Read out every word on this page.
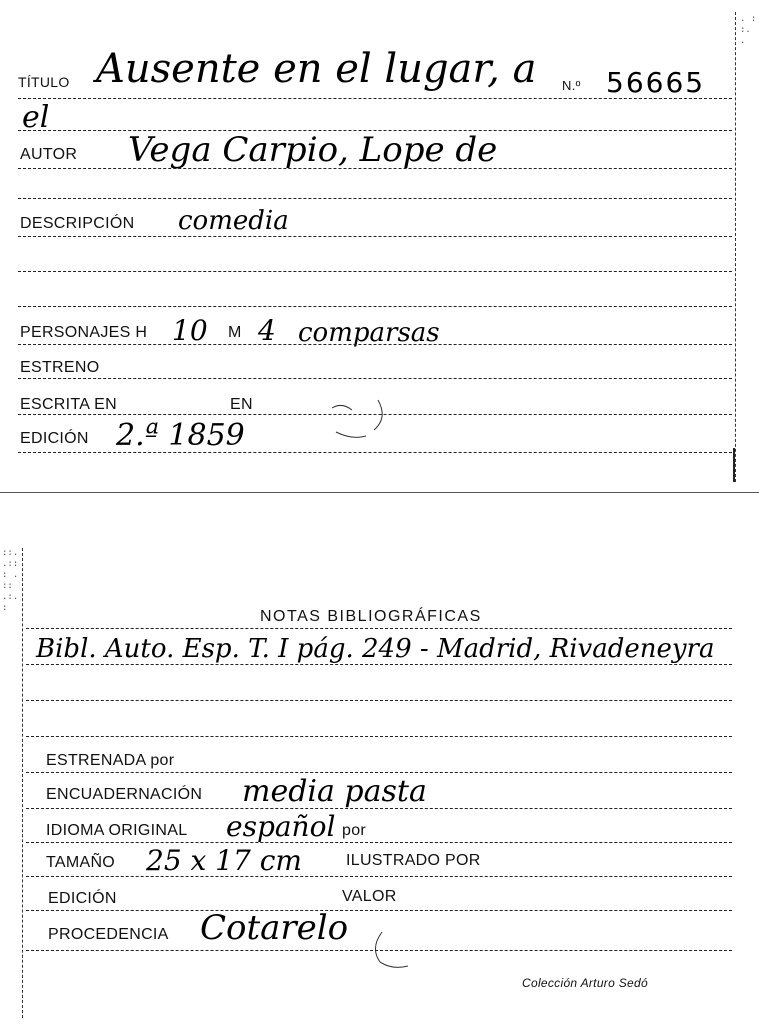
. :
:.
.
TÍTULO Ausente en el lugar, a N.º 56665
el
AUTOR Vega Carpio, Lope de
DESCRIPCIÓN comedia
PERSONAJES H 10 M 4 comparsas
ESTRENO
ESCRITA EN	EN
EDICIÓN 2.ª 1859
::.
.::
: .
::
.:.
:	NOTAS BIBLIOGRÁFICAS
Bibl. Auto. Esp. T. I pág. 249 - Madrid, Rivadeneyra
ESTRENADA por
ENCUADERNACIÓN media pasta
IDIOMA ORIGINAL español por
TAMAÑO 25 x 17 cm	ILUSTRADO POR
EDICIÓN	VALOR
PROCEDENCIA Cotarelo
Colección Arturo Sedó
